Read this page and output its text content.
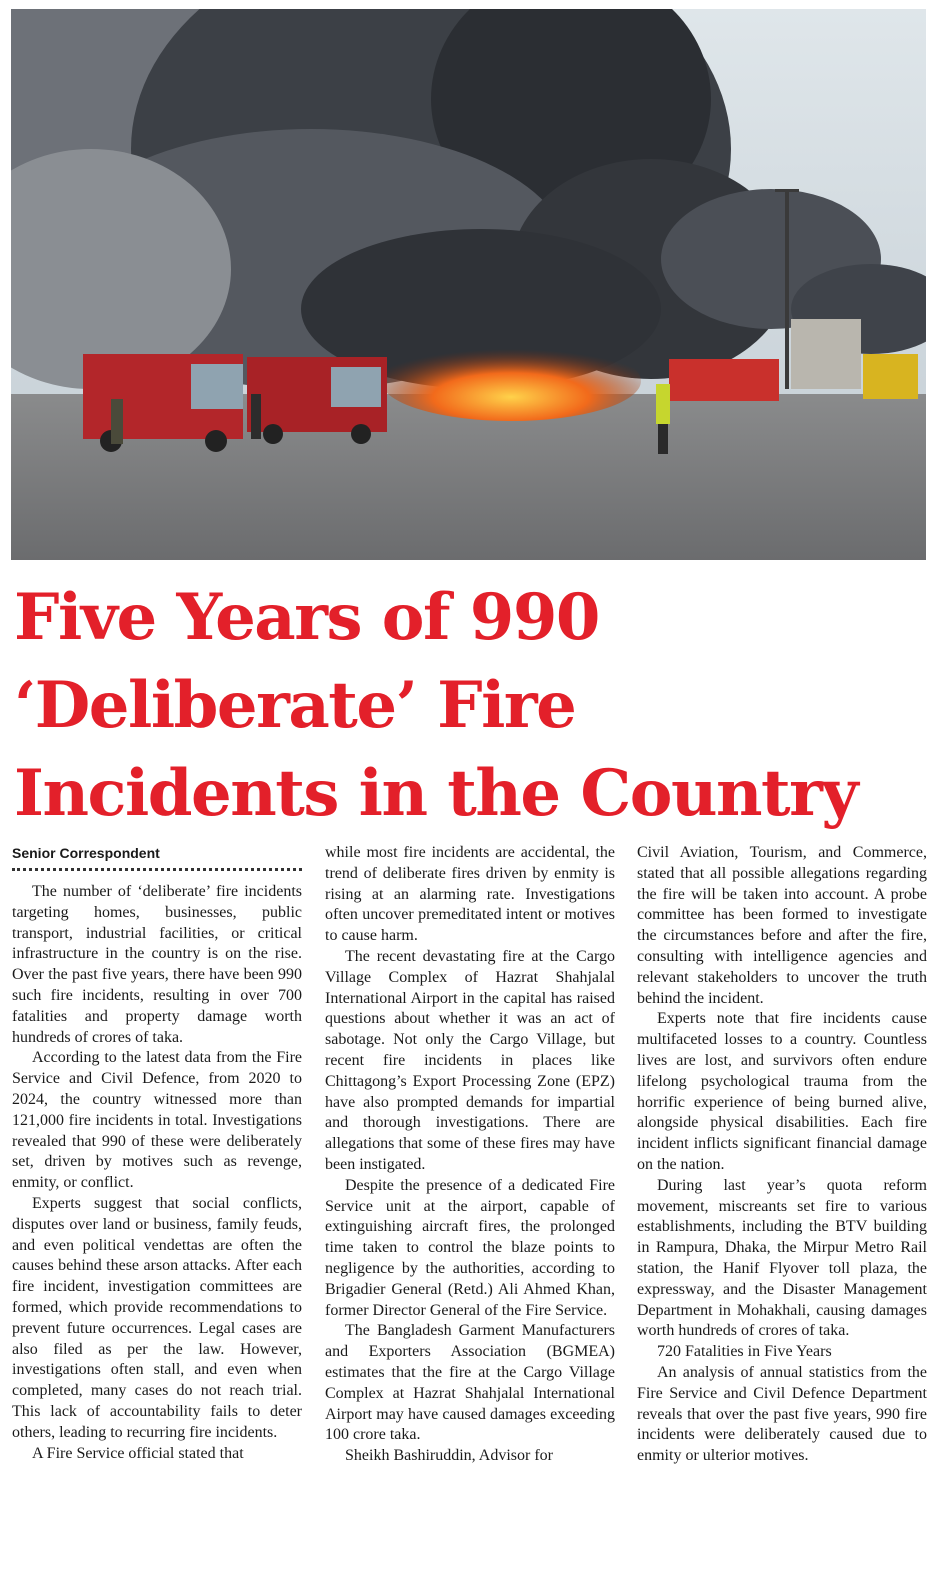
Five Years of 990
‘Deliberate’ Fire
Incidents in the Country
Senior Correspondent

The number of ‘deliberate’ fire incidents targeting homes, businesses, public transport, industrial facilities, or critical infrastructure in the country is on the rise. Over the past five years, there have been 990 such fire incidents, resulting in over 700 fatalities and property damage worth hundreds of crores of taka.

According to the latest data from the Fire Service and Civil Defence, from 2020 to 2024, the country witnessed more than 121,000 fire incidents in total. Investigations revealed that 990 of these were deliberately set, driven by motives such as revenge, enmity, or conflict.

Experts suggest that social conflicts, disputes over land or business, family feuds, and even political vendettas are often the causes behind these arson attacks. After each fire incident, investigation committees are formed, which provide recommendations to prevent future occurrences. Legal cases are also filed as per the law. However, investigations often stall, and even when completed, many cases do not reach trial. This lack of accountability fails to deter others, leading to recurring fire incidents.

A Fire Service official stated that

while most fire incidents are accidental, the trend of deliberate fires driven by enmity is rising at an alarming rate. Investigations often uncover premeditated intent or motives to cause harm.

The recent devastating fire at the Cargo Village Complex of Hazrat Shahjalal International Airport in the capital has raised questions about whether it was an act of sabotage. Not only the Cargo Village, but recent fire incidents in places like Chittagong’s Export Processing Zone (EPZ) have also prompted demands for impartial and thorough investigations. There are allegations that some of these fires may have been instigated.

Despite the presence of a dedicated Fire Service unit at the airport, capable of extinguishing aircraft fires, the prolonged time taken to control the blaze points to negligence by the authorities, according to Brigadier General (Retd.) Ali Ahmed Khan, former Director General of the Fire Service.

The Bangladesh Garment Manufacturers and Exporters Association (BGMEA) estimates that the fire at the Cargo Village Complex at Hazrat Shahjalal International Airport may have caused damages exceeding 100 crore taka.

Sheikh Bashiruddin, Advisor for

Civil Aviation, Tourism, and Commerce, stated that all possible allegations regarding the fire will be taken into account. A probe committee has been formed to investigate the circumstances before and after the fire, consulting with intelligence agencies and relevant stakeholders to uncover the truth behind the incident.

Experts note that fire incidents cause multifaceted losses to a country. Countless lives are lost, and survivors often endure lifelong psychological trauma from the horrific experience of being burned alive, alongside physical disabilities. Each fire incident inflicts significant financial damage on the nation.

During last year’s quota reform movement, miscreants set fire to various establishments, including the BTV building in Rampura, Dhaka, the Mirpur Metro Rail station, the Hanif Flyover toll plaza, the expressway, and the Disaster Management Department in Mohakhali, causing damages worth hundreds of crores of taka.

720 Fatalities in Five Years

An analysis of annual statistics from the Fire Service and Civil Defence Department reveals that over the past five years, 990 fire incidents were deliberately caused due to enmity or ulterior motives.
